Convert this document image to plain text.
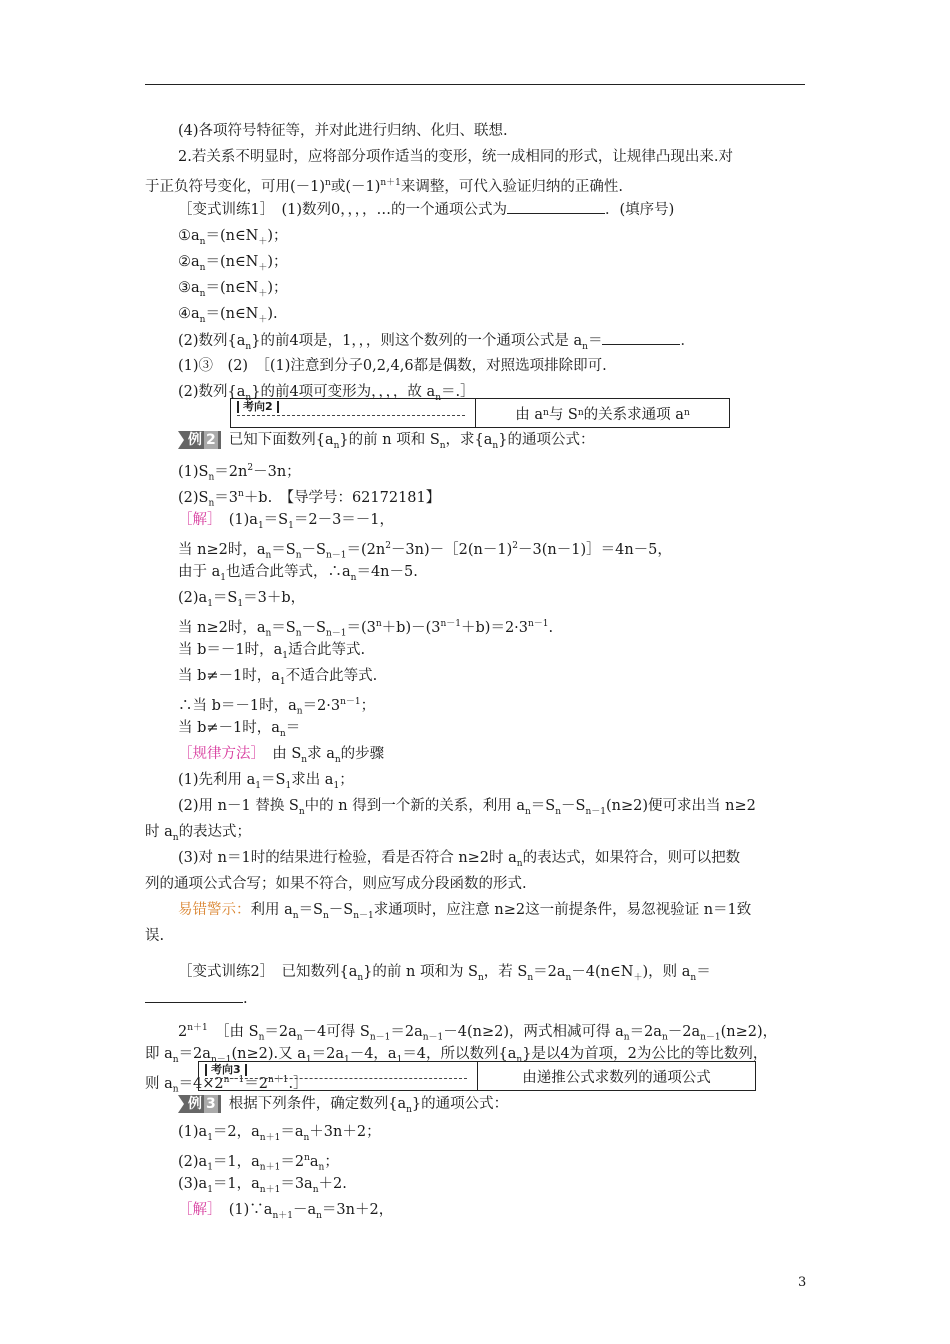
(4)各项符号特征等，并对此进行归纳、化归、联想.
2.若关系不明显时，应将部分项作适当的变形，统一成相同的形式，让规律凸现出来.对
于正负符号变化，可用$(-1)^n$或$(-1)^{n+1}$来调整，可代入验证归纳的正确性.
［变式训练1］　(1)数列0，，，，…的一个通项公式为	．(填序号)
$①a_n=(n\in N_+)$；
$②a_n=(n\in N_+)$；
$③a_n=(n\in N_+)$；
$④a_n=(n\in N_+)$.
(2)数列$\{a_n\}$的前4项是，1，，，则这个数列的一个通项公式是 $a_n=$	．
(1)③　(2)　［(1)注意到分子0,2,4,6都是偶数，对照选项排除即可.
(2)数列$\{a_n\}$的前4项可变形为，，，，故 $a_n=.]$
考向2	由 a n 与 S n 的关系求通项 a n
例 2 已知下面数列$\{a_n\}$的前 n 项和 $S_n$，求$\{a_n\}$的通项公式：
$(1)S_n=2n^2-3n$；
$(2)S_n=3^n+b$.　【导学号：62172181】
［解］　 $(1)a_1=S_1=2-3=-1$，
当 n≥2时，$a_n=S_n-S_{n-1}=(2n^2-3n)-[2(n-1)^2-3(n-1)]=4n-5$，
由于 $a_1$也适合此等式，$\therefore a_n=4n-5$.
$(2)a_1=S_1=3+b$，
当 n≥2时，$a_n=S_n-S_{n-1}=(3^n+b)-(3^{n-1}+b)=2\cdot 3^{n-1}$.
当 b＝－1时，$a_1$适合此等式.
当 b≠－1时，$a_1$不适合此等式.
∴当 b＝－1时，$a_n=2\cdot 3^{n-1}$；
当 b≠－1时，$a_n=$
［规律方法］　 由 $S_n$求 $a_n$的步骤
(1)先利用 $a_1=S_1$求出 $a_1$；
(2)用 n－1 替换 $S_n$中的 n 得到一个新的关系，利用 $a_n=S_n-S_{n-1}(n\ge 2)$便可求出当 n≥2
时 $a_n$的表达式；
(3)对 n＝1时的结果进行检验，看是否符合 n≥2时 $a_n$的表达式，如果符合，则可以把数
列的通项公式合写；如果不符合，则应写成分段函数的形式.
易错警示：利用 $a_n=S_n-S_{n-1}$求通项时，应注意 n≥2这一前提条件，易忽视验证 n＝1致
误.
［变式训练2］　已知数列$\{a_n\}$的前 n 项和为 $S_n$，若 $S_n=2a_n-4(n\in N_+)$，则 $a_n=$
.
$2^{n+1}$　 ［由 $S_n=2a_n-4$可得 $S_{n-1}=2a_{n-1}-4(n\ge 2)$，两式相减可得 $a_n=2a_n-2a_{n-1}(n\ge 2)$，
即 $a_n=2a_{n-1}(n\ge 2)$.又 $a_1=2a_1-4$，$a_1=4$，所以数列$\{a_n\}$是以4为首项，2为公比的等比数列，
则 $a_n=4\times 2^{n-1}=2^{n+1}.]$
考向3	由递推公式求数列的通项公式
例 3 根据下列条件，确定数列$\{a_n\}$的通项公式：
$(1)a_1=2$，$a_{n+1}=a_n+3n+2$；
$(2)a_1=1$，$a_{n+1}=2^na_n$；
$(3)a_1=1$，$a_{n+1}=3a_n+2$.
［解］　 $(1)\because a_{n+1}-a_n=3n+2$，
3
